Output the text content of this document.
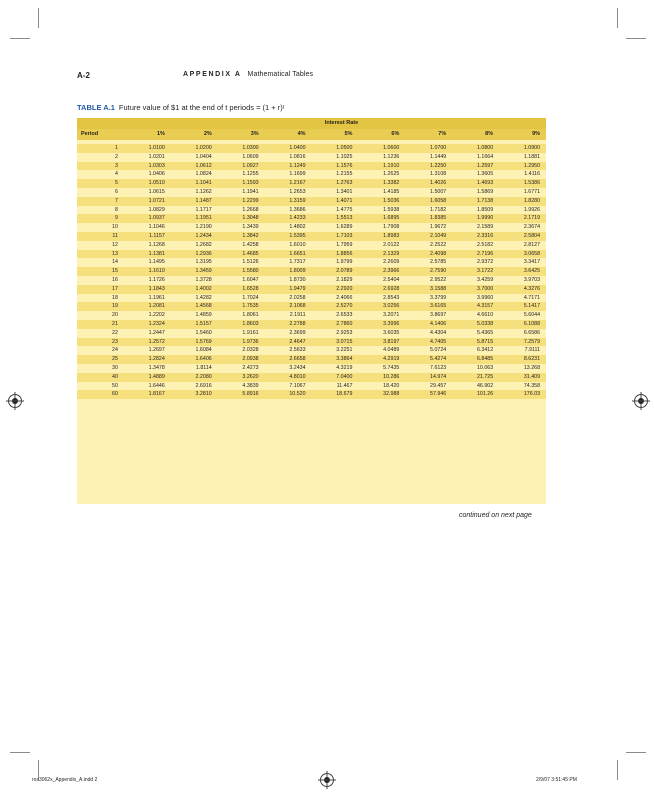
A-2	APPENDIX A Mathematical Tables
TABLE A.1 Future value of $1 at the end of t periods = (1 + r)ᵗ
Interest Rate
Period	1%	2%	3%	4%	5%	6%	7%	8%	9%
1	1.0100	1.0200	1.0300	1.0400	1.0500	1.0600	1.0700	1.0800	1.0900
2	1.0201	1.0404	1.0609	1.0816	1.1025	1.1236	1.1449	1.1664	1.1881
3	1.0303	1.0612	1.0927	1.1249	1.1576	1.1910	1.2250	1.2597	1.2950
4	1.0406	1.0824	1.1255	1.1699	1.2155	1.2625	1.3108	1.3605	1.4116
5	1.0510	1.1041	1.1593	1.2167	1.2763	1.3382	1.4026	1.4693	1.5386
6	1.0615	1.1262	1.1941	1.2653	1.3401	1.4185	1.5007	1.5869	1.6771
7	1.0721	1.1487	1.2299	1.3159	1.4071	1.5036	1.6058	1.7138	1.8280
8	1.0829	1.1717	1.2668	1.3686	1.4775	1.5938	1.7182	1.8509	1.9926
9	1.0937	1.1951	1.3048	1.4233	1.5513	1.6895	1.8385	1.9990	2.1719
10	1.1046	1.2190	1.3439	1.4802	1.6289	1.7908	1.9672	2.1589	2.3674
11	1.1157	1.2434	1.3842	1.5395	1.7103	1.8983	2.1049	2.3316	2.5804
12	1.1268	1.2682	1.4258	1.6010	1.7959	2.0122	2.2522	2.5182	2.8127
13	1.1381	1.2936	1.4685	1.6651	1.8856	2.1329	2.4098	2.7196	3.0658
14	1.1495	1.3195	1.5126	1.7317	1.9799	2.2609	2.5785	2.9372	3.3417
15	1.1610	1.3459	1.5580	1.8009	2.0789	2.3966	2.7590	3.1722	3.6425
16	1.1726	1.3728	1.6047	1.8730	2.1829	2.5404	2.9522	3.4259	3.9703
17	1.1843	1.4002	1.6528	1.9479	2.2920	2.6928	3.1588	3.7000	4.3276
18	1.1961	1.4282	1.7024	2.0258	2.4066	2.8543	3.3799	3.9960	4.7171
19	1.2081	1.4568	1.7535	2.1068	2.5270	3.0256	3.6165	4.3157	5.1417
20	1.2202	1.4859	1.8061	2.1911	2.6533	3.2071	3.8697	4.6610	5.6044
21	1.2324	1.5157	1.8603	2.2788	2.7860	3.3996	4.1406	5.0338	6.1088
22	1.2447	1.5460	1.9161	2.3699	2.9253	3.6035	4.4304	5.4365	6.6586
23	1.2572	1.5769	1.9736	2.4647	3.0715	3.8197	4.7405	5.8715	7.2579
24	1.2697	1.6084	2.0328	2.5633	3.2251	4.0489	5.0724	6.3412	7.9111
25	1.2824	1.6406	2.0938	2.6658	3.3864	4.2919	5.4274	6.8485	8.6231
30	1.3478	1.8114	2.4273	3.2434	4.3219	5.7435	7.6123	10.063	13.268
40	1.4889	2.2080	3.2620	4.8010	7.0400	10.286	14.974	21.725	31.409
50	1.6446	2.6916	4.3839	7.1067	11.467	18.420	29.457	46.902	74.358
60	1.8167	3.2810	5.8916	10.520	18.679	32.988	57.946	101.26	176.03
continued on next page
ros3062x_Appendix_A.indd 2	2/9/07 3:51:45 PM
